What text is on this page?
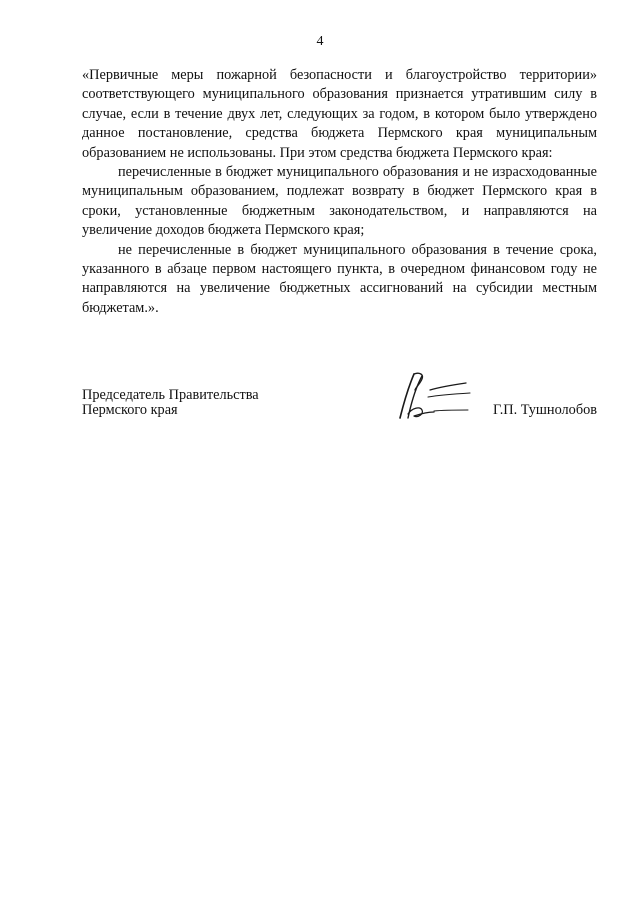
4

«Первичные меры пожарной безопасности и благоустройство территории» соответствующего муниципального образования признается утратившим силу в случае, если в течение двух лет, следующих за годом, в котором было утверждено данное постановление, средства бюджета Пермского края муниципальным образованием не использованы. При этом средства бюджета Пермского края:

перечисленные в бюджет муниципального образования и не израсходованные муниципальным образованием, подлежат возврату в бюджет Пермского края в сроки, установленные бюджетным законодательством, и направляются на увеличение доходов бюджета Пермского края;

не перечисленные в бюджет муниципального образования в течение срока, указанного в абзаце первом настоящего пункта, в очередном финансовом году не направляются на увеличение бюджетных ассигнований на субсидии местным бюджетам.».

Председатель Правительства
Пермского края	Г.П. Тушнолобов
